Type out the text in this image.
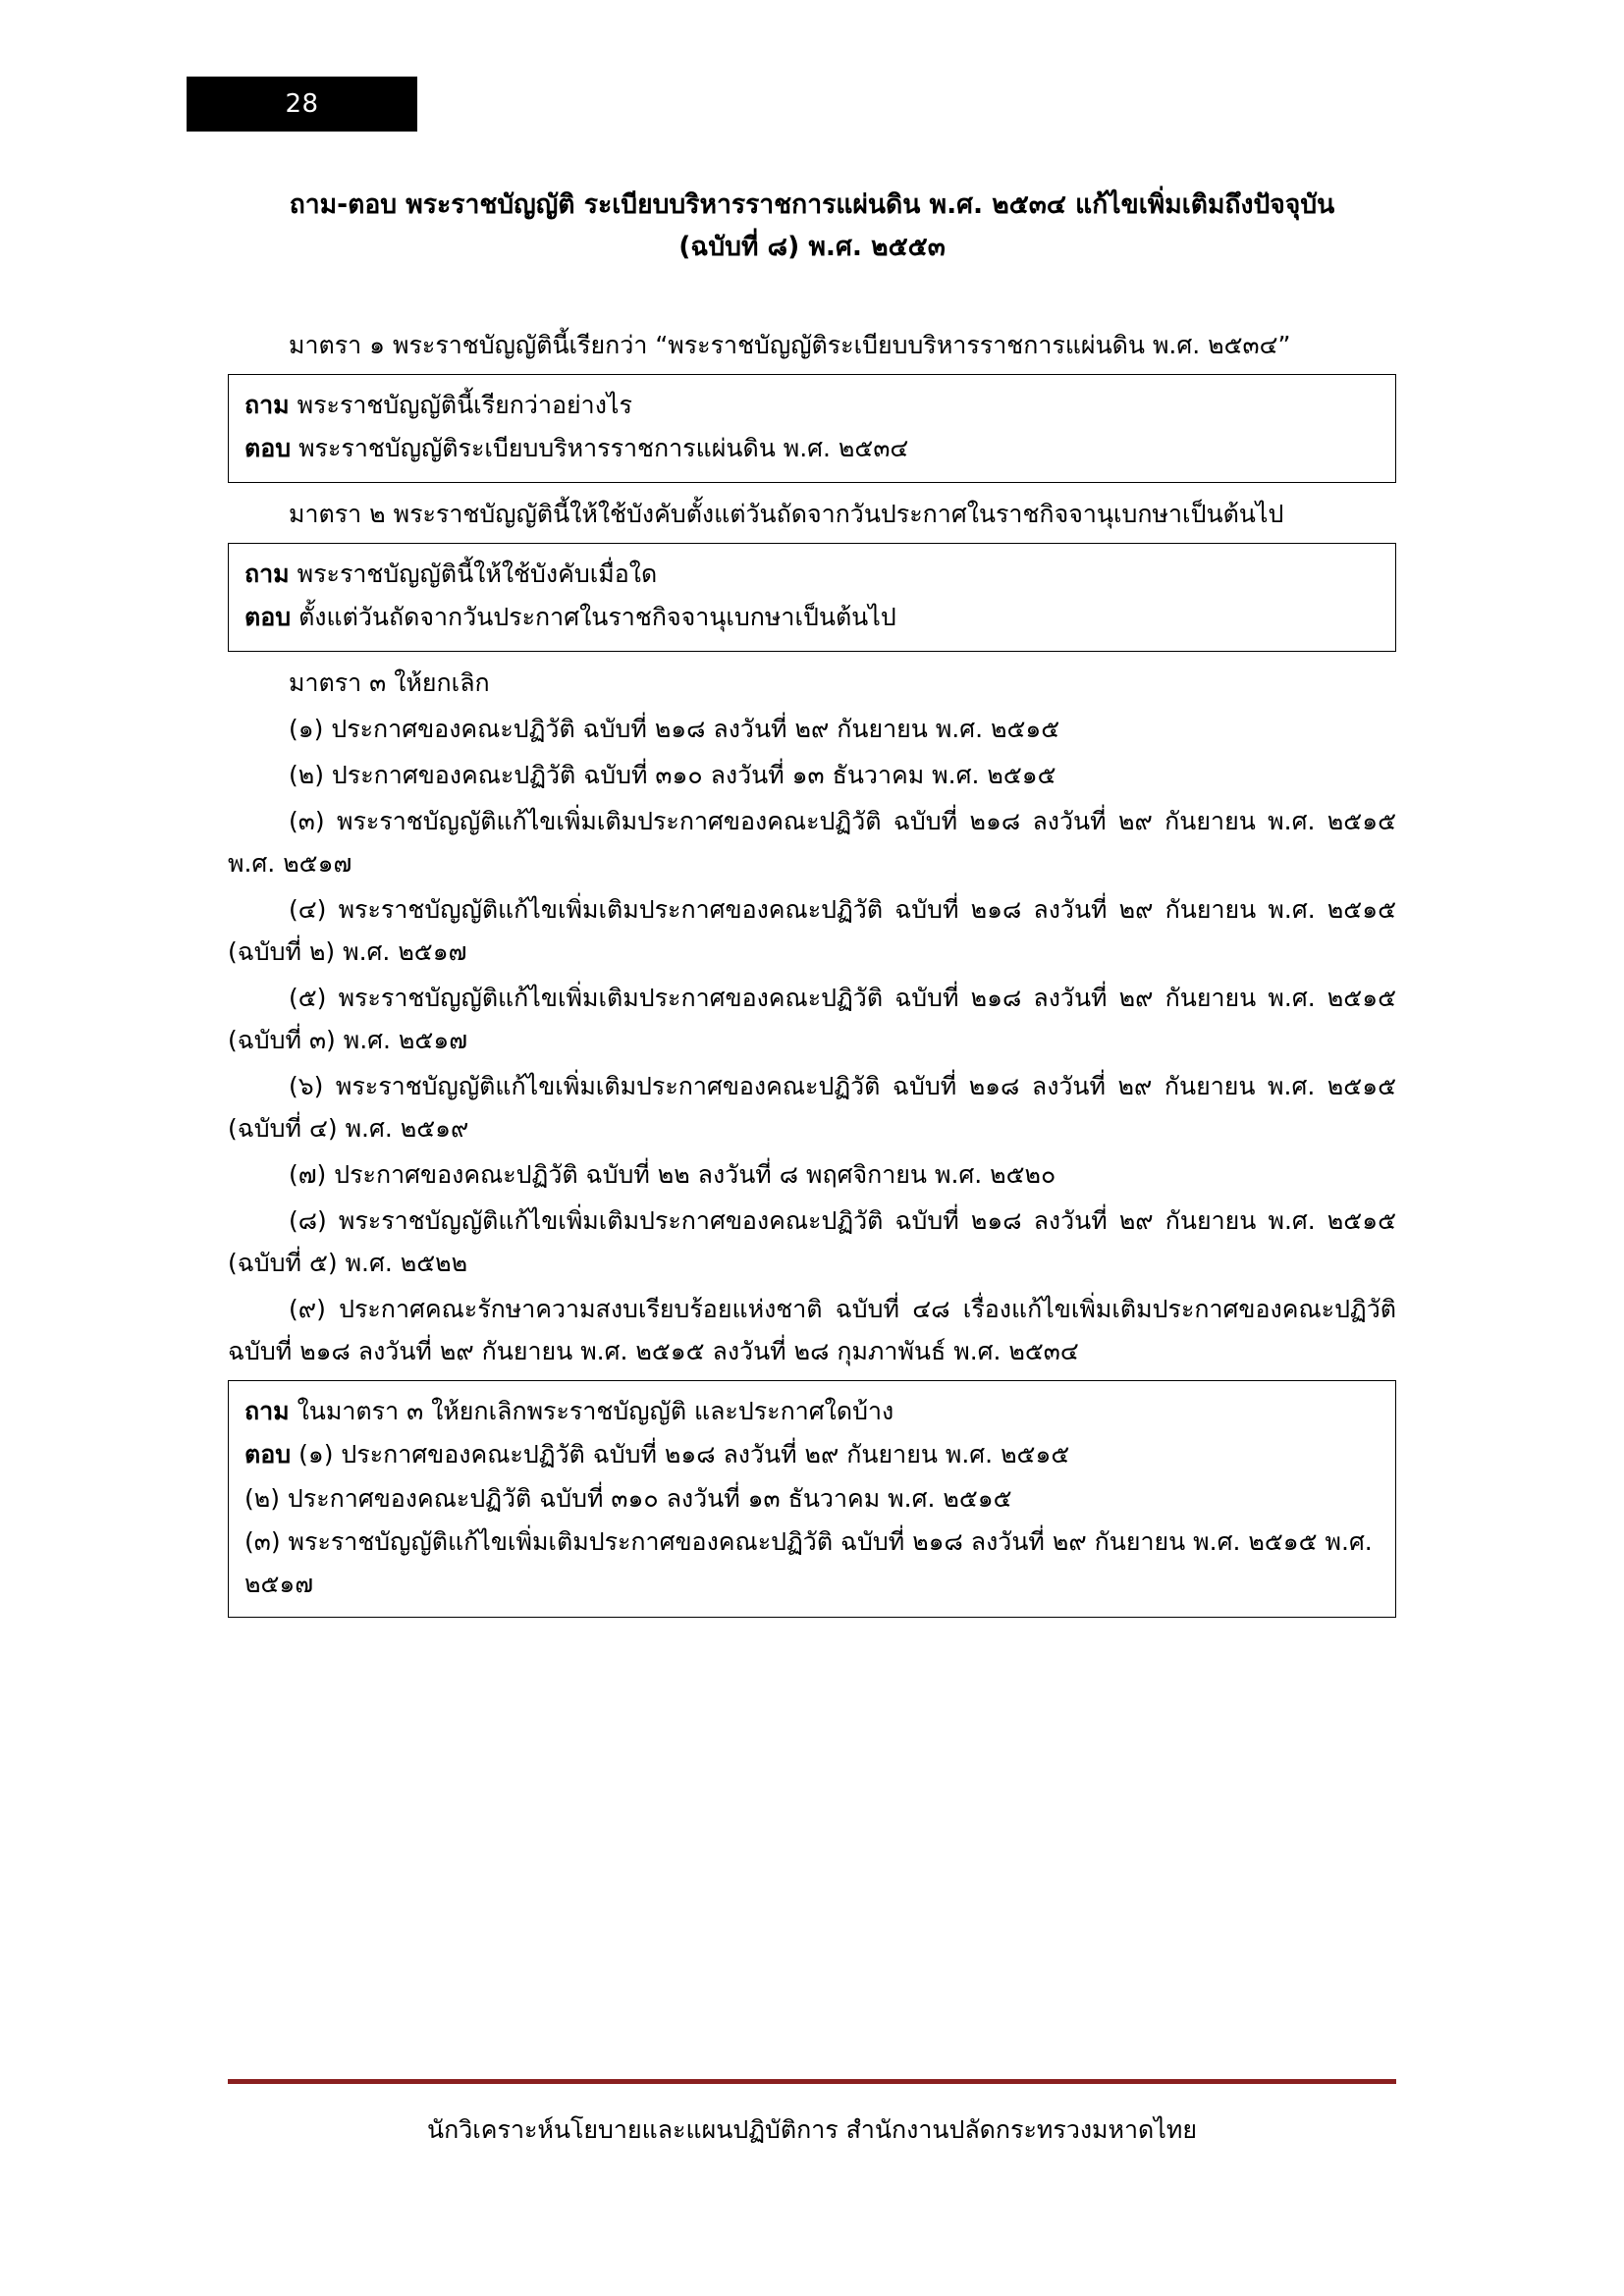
28
ถาม-ตอบ พระราชบัญญัติ ระเบียบบริหารราชการแผ่นดิน พ.ศ. ๒๕๓๔ แก้ไขเพิ่มเติมถึงปัจจุบัน
(ฉบับที่ ๘) พ.ศ. ๒๕๕๓

มาตรา ๑ พระราชบัญญัตินี้เรียกว่า “พระราชบัญญัติระเบียบบริหารราชการแผ่นดิน พ.ศ. ๒๕๓๔”

ถาม พระราชบัญญัตินี้เรียกว่าอย่างไร

ตอบ พระราชบัญญัติระเบียบบริหารราชการแผ่นดิน พ.ศ. ๒๕๓๔

มาตรา ๒ พระราชบัญญัตินี้ให้ใช้บังคับตั้งแต่วันถัดจากวันประกาศในราชกิจจานุเบกษาเป็นต้นไป

ถาม พระราชบัญญัตินี้ให้ใช้บังคับเมื่อใด

ตอบ ตั้งแต่วันถัดจากวันประกาศในราชกิจจานุเบกษาเป็นต้นไป

มาตรา ๓ ให้ยกเลิก

(๑) ประกาศของคณะปฏิวัติ ฉบับที่ ๒๑๘ ลงวันที่ ๒๙ กันยายน พ.ศ. ๒๕๑๕

(๒) ประกาศของคณะปฏิวัติ ฉบับที่ ๓๑๐ ลงวันที่ ๑๓ ธันวาคม พ.ศ. ๒๕๑๕

(๓) พระราชบัญญัติแก้ไขเพิ่มเติมประกาศของคณะปฏิวัติ ฉบับที่ ๒๑๘ ลงวันที่ ๒๙ กันยายน พ.ศ. ๒๕๑๕ พ.ศ. ๒๕๑๗

(๔) พระราชบัญญัติแก้ไขเพิ่มเติมประกาศของคณะปฏิวัติ ฉบับที่ ๒๑๘ ลงวันที่ ๒๙ กันยายน พ.ศ. ๒๕๑๕ (ฉบับที่ ๒) พ.ศ. ๒๕๑๗

(๕) พระราชบัญญัติแก้ไขเพิ่มเติมประกาศของคณะปฏิวัติ ฉบับที่ ๒๑๘ ลงวันที่ ๒๙ กันยายน พ.ศ. ๒๕๑๕ (ฉบับที่ ๓) พ.ศ. ๒๕๑๗

(๖) พระราชบัญญัติแก้ไขเพิ่มเติมประกาศของคณะปฏิวัติ ฉบับที่ ๒๑๘ ลงวันที่ ๒๙ กันยายน พ.ศ. ๒๕๑๕ (ฉบับที่ ๔) พ.ศ. ๒๕๑๙

(๗) ประกาศของคณะปฏิวัติ ฉบับที่ ๒๒ ลงวันที่ ๘ พฤศจิกายน พ.ศ. ๒๕๒๐

(๘) พระราชบัญญัติแก้ไขเพิ่มเติมประกาศของคณะปฏิวัติ ฉบับที่ ๒๑๘ ลงวันที่ ๒๙ กันยายน พ.ศ. ๒๕๑๕ (ฉบับที่ ๕) พ.ศ. ๒๕๒๒

(๙) ประกาศคณะรักษาความสงบเรียบร้อยแห่งชาติ ฉบับที่ ๔๘ เรื่องแก้ไขเพิ่มเติมประกาศของคณะปฏิวัติ ฉบับที่ ๒๑๘ ลงวันที่ ๒๙ กันยายน พ.ศ. ๒๕๑๕ ลงวันที่ ๒๘ กุมภาพันธ์ พ.ศ. ๒๕๓๔

ถาม ในมาตรา ๓ ให้ยกเลิกพระราชบัญญัติ และประกาศใดบ้าง

ตอบ (๑) ประกาศของคณะปฏิวัติ ฉบับที่ ๒๑๘ ลงวันที่ ๒๙ กันยายน พ.ศ. ๒๕๑๕

(๒) ประกาศของคณะปฏิวัติ ฉบับที่ ๓๑๐ ลงวันที่ ๑๓ ธันวาคม พ.ศ. ๒๕๑๕

(๓) พระราชบัญญัติแก้ไขเพิ่มเติมประกาศของคณะปฏิวัติ ฉบับที่ ๒๑๘ ลงวันที่ ๒๙ กันยายน พ.ศ. ๒๕๑๕ พ.ศ. ๒๕๑๗

นักวิเคราะห์นโยบายและแผนปฏิบัติการ สำนักงานปลัดกระทรวงมหาดไทย
